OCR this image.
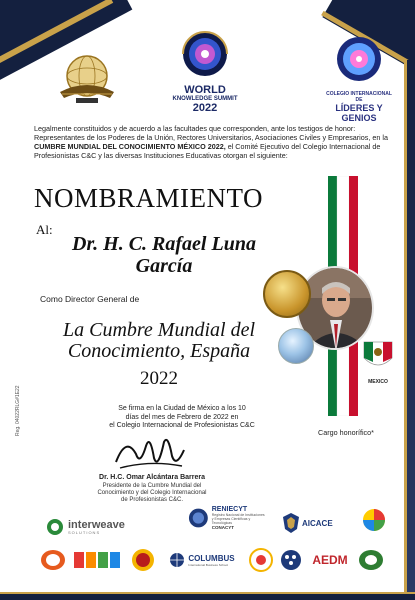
WORLD
KNOWLEDGE SUMMIT
2022
COLEGIO INTERNACIONAL DE
LÍDERES Y GENIOS

Legalmente constituidos y de acuerdo a las facultades que corresponden, ante los testigos de honor: Representantes de los Poderes de la Unión, Rectores Universitarios, Asociaciones Civiles y Empresarios, en la CUMBRE MUNDIAL DEL CONOCIMIENTO MÉXICO 2022, el Comité Ejecutivo del Colegio Internacional de Profesionistas C&C y las diversas Instituciones Educativas otorgan el siguiente:

NOMBRAMIENTO
Al:
Dr. H. C. Rafael Luna
García
Como Director General de
La Cumbre Mundial del
Conocimiento, España
2022	MEXICO
Cargo honorífico*
Reg. 04022RLG#1E22	Se firma en la Ciudad de México a los 10
días del mes de Febrero de 2022 en
el Colegio Internacional de Profesionistas C&C
Dr. H.C. Omar Alcántara Barrera
Presidente de la Cumbre Mundial del
Conocimiento y del Colegio Internacional
de Profesionistas C&C.
interweave
SOLUTIONS
RENIECYT
Registro Nacional de Instituciones
y Empresas Científicas y Tecnológicas
CONACYT	AICACE
COLUMBUS
International Business School	AEDM
